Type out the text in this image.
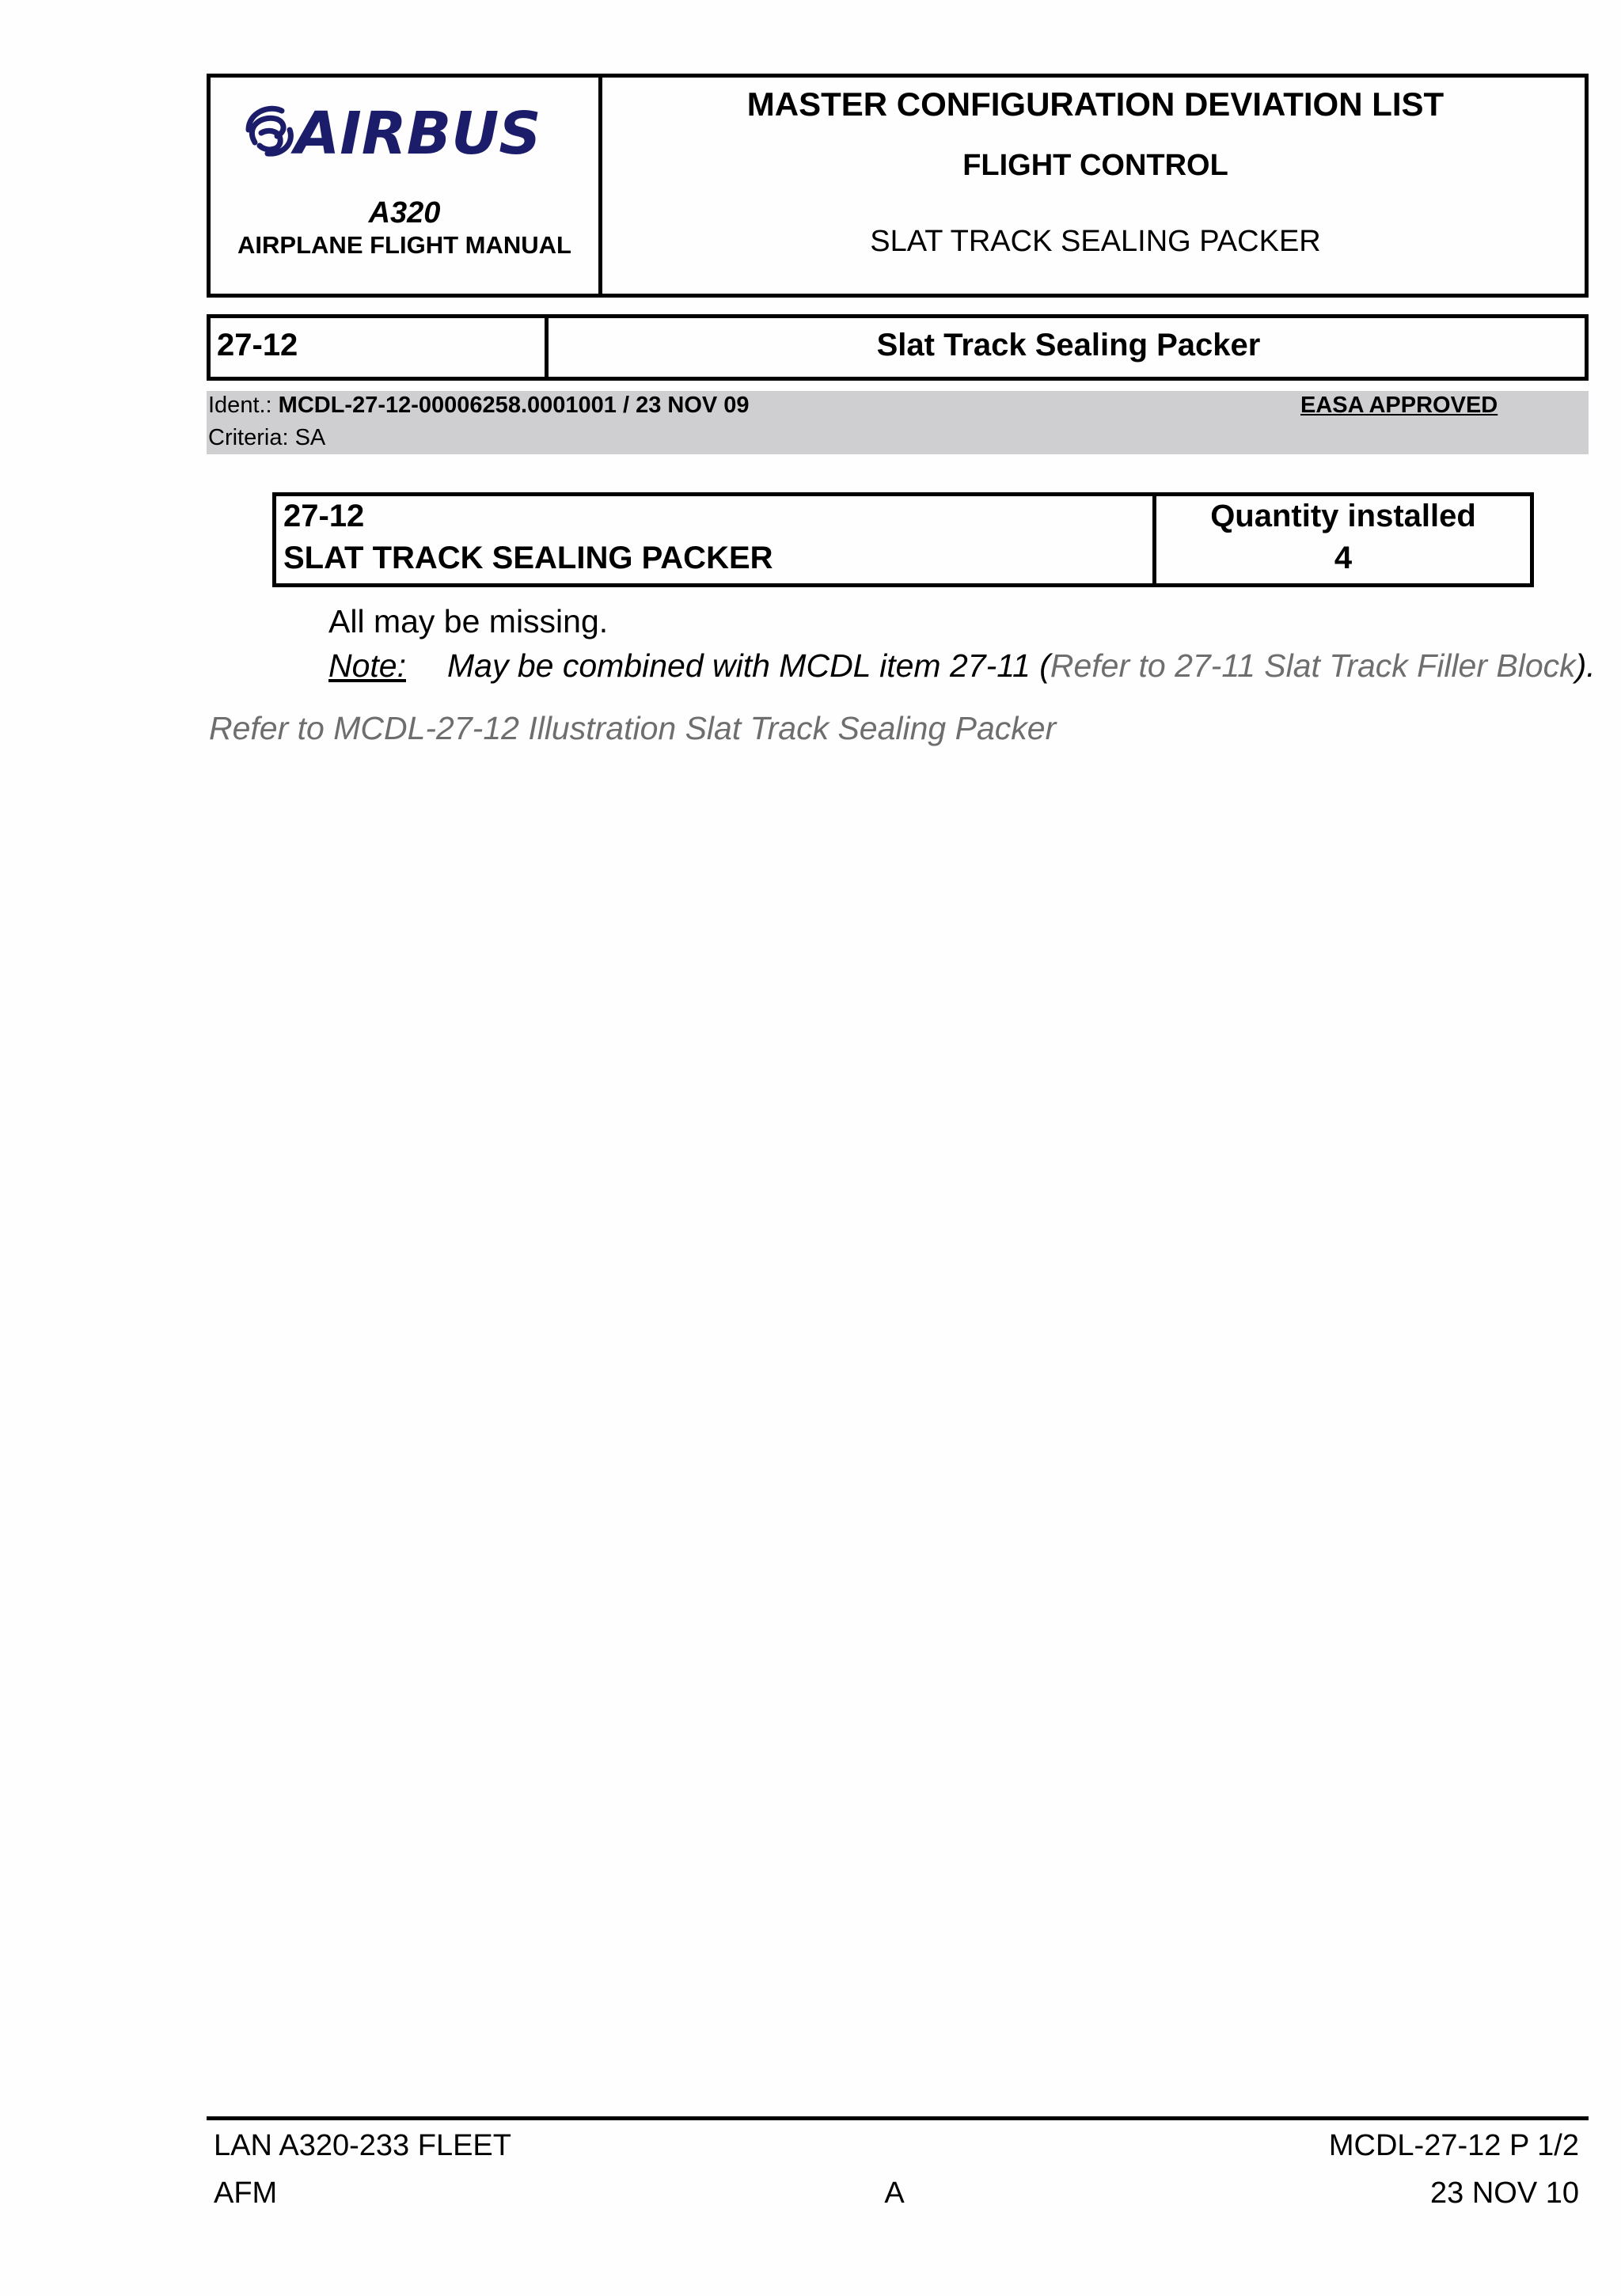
AIRBUS
A320
AIRPLANE FLIGHT MANUAL
MASTER CONFIGURATION DEVIATION LIST
FLIGHT CONTROL
SLAT TRACK SEALING PACKER
27-12	Slat Track Sealing Packer
Ident.: MCDL-27-12-00006258.0001001 / 23 NOV 09
Criteria: SA
EASA APPROVED
27-12
SLAT TRACK SEALING PACKER
Quantity installed
4
All may be missing.
Note: May be combined with MCDL item 27-11 (Refer to 27-11 Slat Track Filler Block).
Refer to MCDL-27-12 Illustration Slat Track Sealing Packer
LAN A320-233 FLEET
AFM	A
MCDL-27-12 P 1/2
23 NOV 10
